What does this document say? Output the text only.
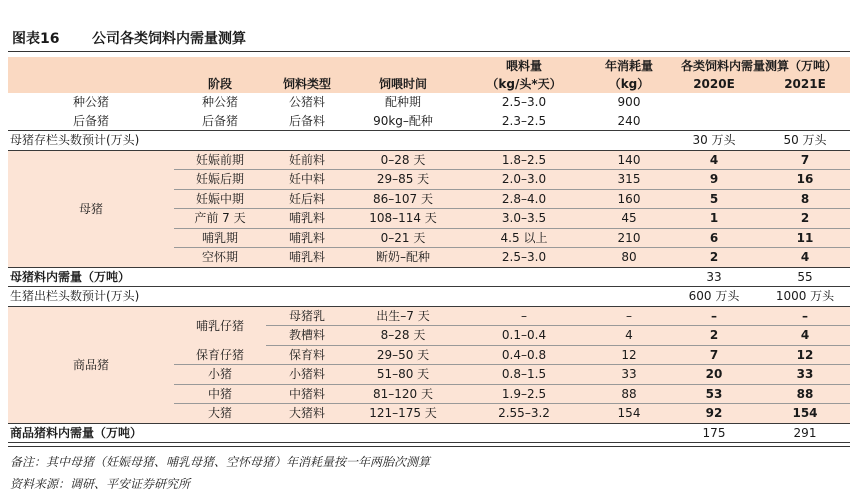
图表16 公司各类饲料内需量测算
				喂料量	年消耗量	各类饲料内需量测算（万吨）	
	阶段	饲料类型	饲喂时间	（kg/头*天）	（kg）	2020E	2021E
种公猪	种公猪	公猪料	配种期	2.5–3.0	900		
后备猪	后备猪	后备料	90kg–配种	2.3–2.5	240		
母猪存栏头数预计(万头)						30 万头	50 万头
母猪	妊娠前期	妊前料	0–28 天	1.8–2.5	140	4	7
	妊娠后期	妊中料	29–85 天	2.0–3.0	315	9	16
	妊娠中期	妊后料	86–107 天	2.8–4.0	160	5	8
	产前 7 天	哺乳料	108–114 天	3.0–3.5	45	1	2
	哺乳期	哺乳料	0–21 天	4.5 以上	210	6	11
	空怀期	哺乳料	断奶–配种	2.5–3.0	80	2	4
母猪料内需量（万吨）						33	55
生猪出栏头数预计(万头)						600 万头	1000 万头
商品猪	哺乳仔猪	母猪乳	出生–7 天	–	–	–	–
		教槽料	8–28 天	0.1–0.4	4	2	4
	保育仔猪	保育料	29–50 天	0.4–0.8	12	7	12
	小猪	小猪料	51–80 天	0.8–1.5	33	20	33
	中猪	中猪料	81–120 天	1.9–2.5	88	53	88
	大猪	大猪料	121–175 天	2.55–3.2	154	92	154
商品猪料内需量（万吨）						175	291
备注：其中母猪（妊娠母猪、哺乳母猪、空怀母猪）年消耗量按一年两胎次测算
资料来源：调研、平安证券研究所
